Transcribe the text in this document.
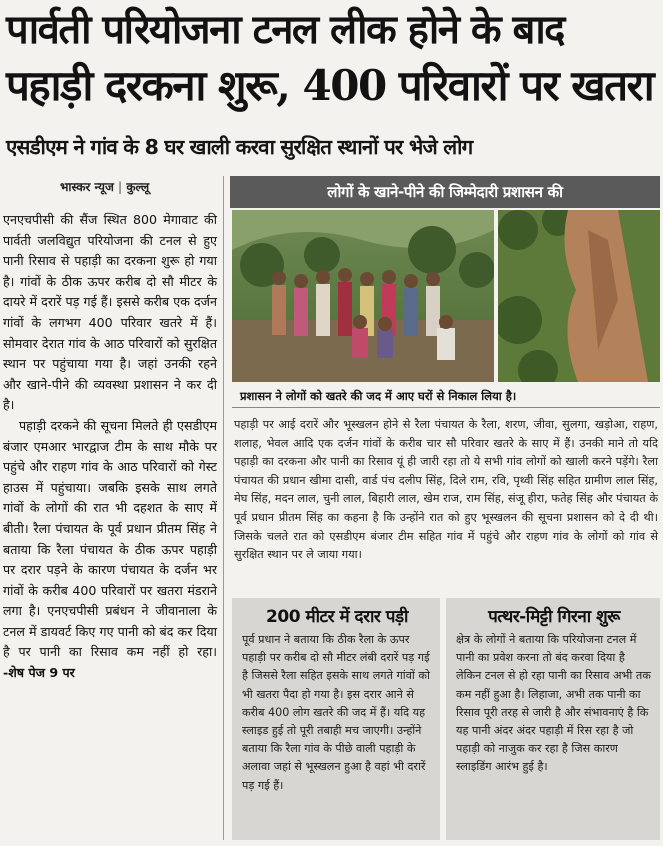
पार्वती परियोजना टनल लीक होने के बाद
पहाड़ी दरकना शुरू, 400 परिवारों पर खतरा
एसडीएम ने गांव के 8 घर खाली करवा सुरक्षित स्थानों पर भेजे लोग
भास्कर न्यूज | कुल्लू

एनएचपीसी की सैंज स्थित 800 मेगावाट की पार्वती जलविद्युत परियोजना की टनल से हुए पानी रिसाव से पहाड़ी का दरकना शुरू हो गया है। गांवों के ठीक ऊपर करीब दो सौ मीटर के दायरे में दरारें पड़ गई हैं। इससे करीब एक दर्जन गांवों के लगभग 400 परिवार खतरे में हैं। सोमवार देरात गांव के आठ परिवारों को सुरक्षित स्थान पर पहुंचाया गया है। जहां उनकी रहने और खाने-पीने की व्यवस्था प्रशासन ने कर दी है।

पहाड़ी दरकने की सूचना मिलते ही एसडीएम बंजार एमआर भारद्वाज टीम के साथ मौके पर पहुंचे और राहण गांव के आठ परिवारों को गेस्ट हाउस में पहुंचाया। जबकि इसके साथ लगते गांवों के लोगों की रात भी दहशत के साए में बीती। रैला पंचायत के पूर्व प्रधान प्रीतम सिंह ने बताया कि रैला पंचायत के ठीक ऊपर पहाड़ी पर दरार पड़ने के कारण पंचायत के दर्जन भर गांवों के करीब 400 परिवारों पर खतरा मंडराने लगा है। एनएचपीसी प्रबंधन ने जीवानाला के टनल में डायवर्ट किए गए पानी को बंद कर दिया है पर पानी का रिसाव कम नहीं हो रहा। -शेष पेज 9 पर

लोगों के खाने-पीने की जिम्मेदारी प्रशासन की
प्रशासन ने लोगों को खतरे की जद में आए घरों से निकाल लिया है।
पहाड़ी पर आई दरारें और भूस्खलन होने से रैला पंचायत के रैला, शरण, जीवा, सुलगा, खड़ोआ, राहण, शलाह, भेवल आदि एक दर्जन गांवों के करीब चार सौ परिवार खतरे के साए में हैं। उनकी माने तो यदि पहाड़ी का दरकना और पानी का रिसाव यूं ही जारी रहा तो ये सभी गांव लोगों को खाली करने पड़ेंगे। रैला पंचायत की प्रधान खीमा दासी, वार्ड पंच दलीप सिंह, दिले राम, रवि, पृथ्वी सिंह सहित ग्रामीण लाल सिंह, मेघ सिंह, मदन लाल, चुनी लाल, बिहारी लाल, खेम राज, राम सिंह, संजू हीरा, फतेह सिंह और पंचायत के पूर्व प्रधान प्रीतम सिंह का कहना है कि उन्होंने रात को हुए भूस्खलन की सूचना प्रशासन को दे दी थी। जिसके चलते रात को एसडीएम बंजार टीम सहित गांव में पहुंचे और राहण गांव के लोगों को गांव से सुरक्षित स्थान पर ले जाया गया।
200 मीटर में दरार पड़ी
पूर्व प्रधान ने बताया कि ठीक रैला के ऊपर पहाड़ी पर करीब दो सौ मीटर लंबी दरारें पड़ गई है जिससे रैला सहित इसके साथ लगते गांवों को भी खतरा पैदा हो गया है। इस दरार आने से करीब 400 लोग खतरे की जद में हैं। यदि यह स्लाइड हुई तो पूरी तबाही मच जाएगी। उन्होंने बताया कि रैला गांव के पीछे वाली पहाड़ी के अलावा जहां से भूस्खलन हुआ है वहां भी दरारें पड़ गई हैं।
पत्थर-मिट्टी गिरना शुरू
क्षेत्र के लोगों ने बताया कि परियोजना टनल में पानी का प्रवेश करना तो बंद करवा दिया है लेकिन टनल से हो रहा पानी का रिसाव अभी तक कम नहीं हुआ है। लिहाजा, अभी तक पानी का रिसाव पूरी तरह से जारी है और संभावनाएं है कि यह पानी अंदर अंदर पहाड़ी में रिस रहा है जो पहाड़ी को नाजुक कर रहा है जिस कारण स्लाइडिंग आरंभ हुई है।
